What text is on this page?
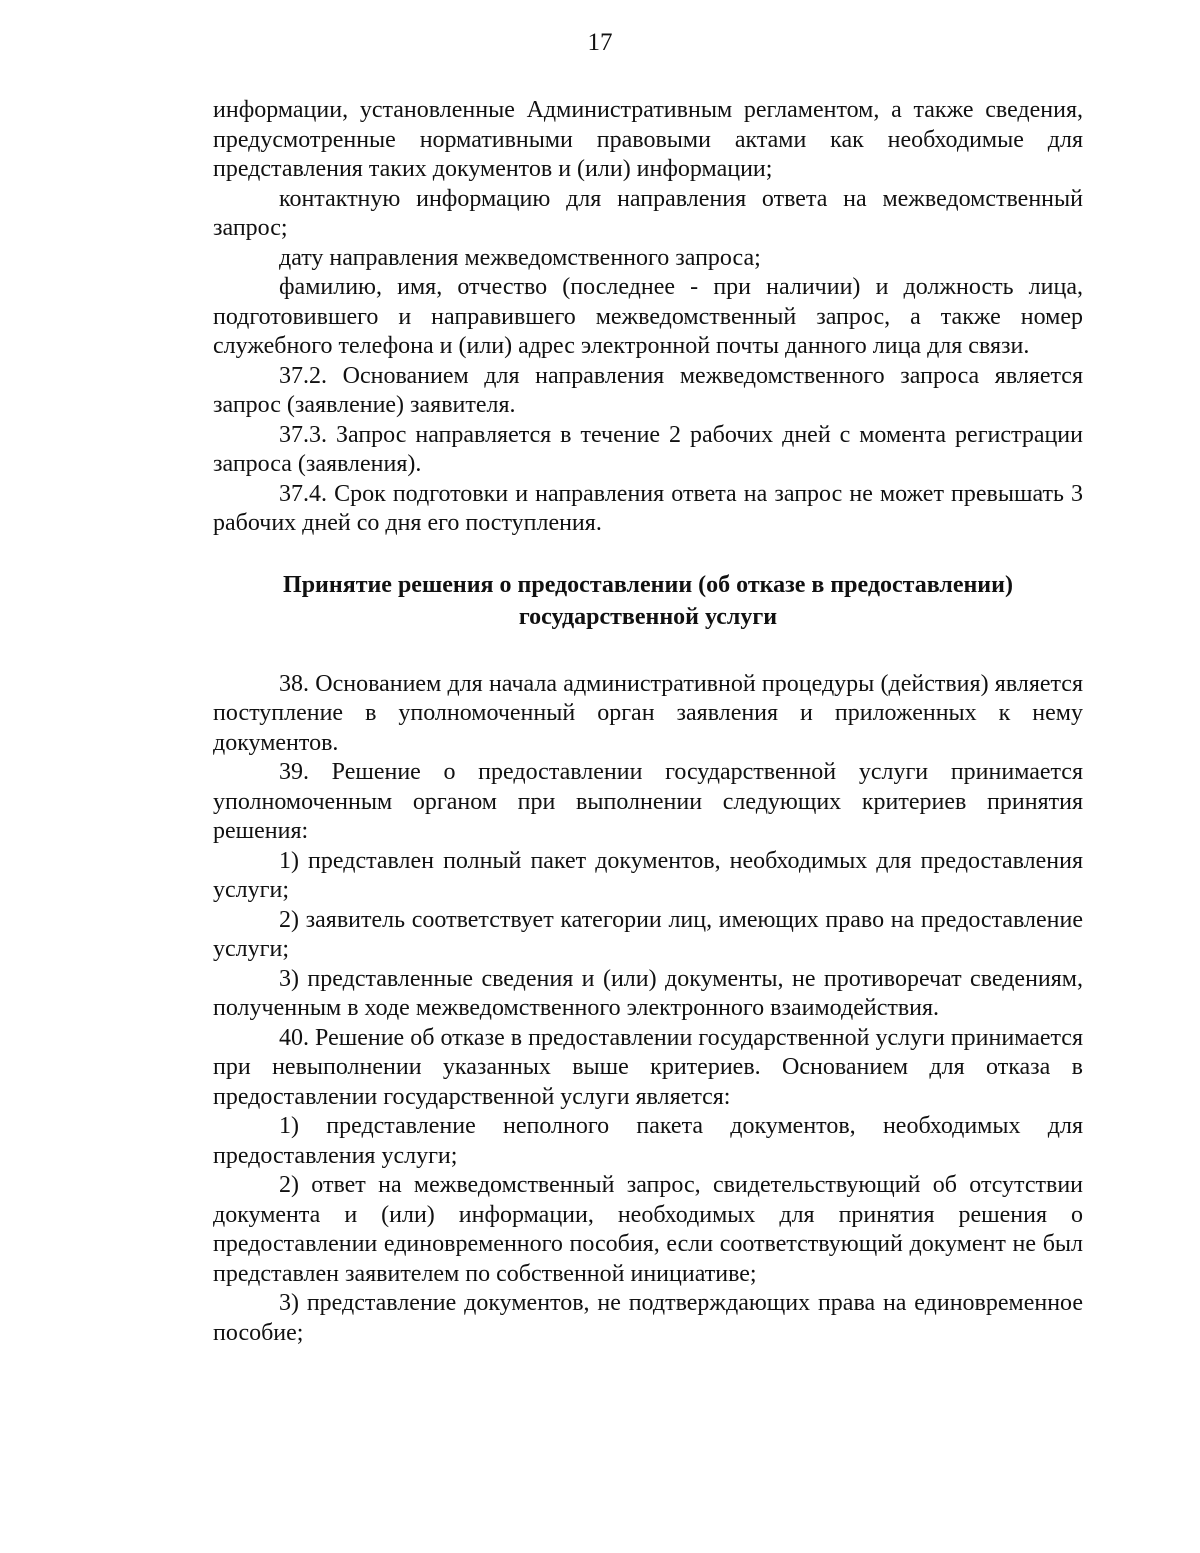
17

информации, установленные Административным регламентом, а также сведения, предусмотренные нормативными правовыми актами как необходимые для представления таких документов и (или) информации;

контактную информацию для направления ответа на межведомственный запрос;

дату направления межведомственного запроса;

фамилию, имя, отчество (последнее - при наличии) и должность лица, подготовившего и направившего межведомственный запрос, а также номер служебного телефона и (или) адрес электронной почты данного лица для связи.

37.2. Основанием для направления межведомственного запроса является запрос (заявление) заявителя.

37.3. Запрос направляется в течение 2 рабочих дней с момента регистрации запроса (заявления).

37.4. Срок подготовки и направления ответа на запрос не может превышать 3 рабочих дней со дня его поступления.

Принятие решения о предоставлении (об отказе в предоставлении) государственной услуги

38. Основанием для начала административной процедуры (действия) является поступление в уполномоченный орган заявления и приложенных к нему документов.

39. Решение о предоставлении государственной услуги принимается уполномоченным органом при выполнении следующих критериев принятия решения:

1) представлен полный пакет документов, необходимых для предоставления услуги;

2) заявитель соответствует категории лиц, имеющих право на предоставление услуги;

3) представленные сведения и (или) документы, не противоречат сведениям, полученным в ходе межведомственного электронного взаимодействия.

40. Решение об отказе в предоставлении государственной услуги принимается при невыполнении указанных выше критериев. Основанием для отказа в предоставлении государственной услуги является:

1) представление неполного пакета документов, необходимых для предоставления услуги;

2) ответ на межведомственный запрос, свидетельствующий об отсутствии документа и (или) информации, необходимых для принятия решения о предоставлении единовременного пособия, если соответствующий документ не был представлен заявителем по собственной инициативе;

3) представление документов, не подтверждающих права на единовременное пособие;
